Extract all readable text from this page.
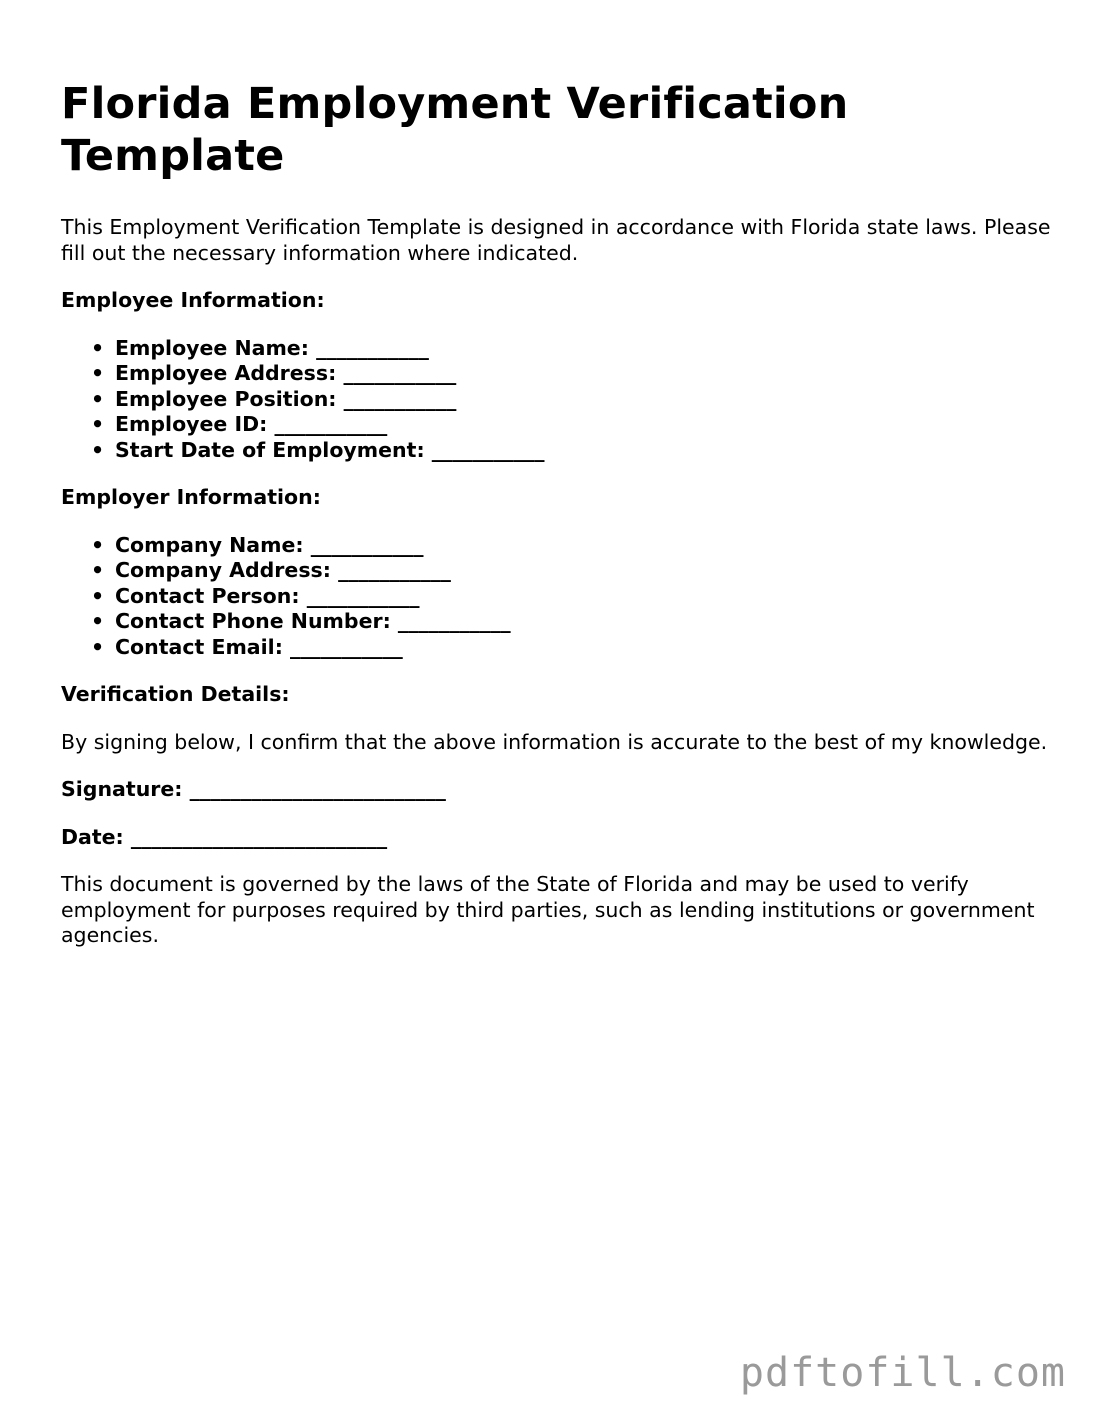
Florida Employment Verification Template

This Employment Verification Template is designed in accordance with Florida state laws. Please fill out the necessary information where indicated.

Employee Information:

• Employee Name: ___________
• Employee Address: ___________
• Employee Position: ___________
• Employee ID: ___________
• Start Date of Employment: ___________

Employer Information:

• Company Name: ___________
• Company Address: ___________
• Contact Person: ___________
• Contact Phone Number: ___________
• Contact Email: ___________

Verification Details:

By signing below, I confirm that the above information is accurate to the best of my knowledge.

Signature: _________________________

Date: _________________________

This document is governed by the laws of the State of Florida and may be used to verify employment for purposes required by third parties, such as lending institutions or government agencies.

pdftofill.com
